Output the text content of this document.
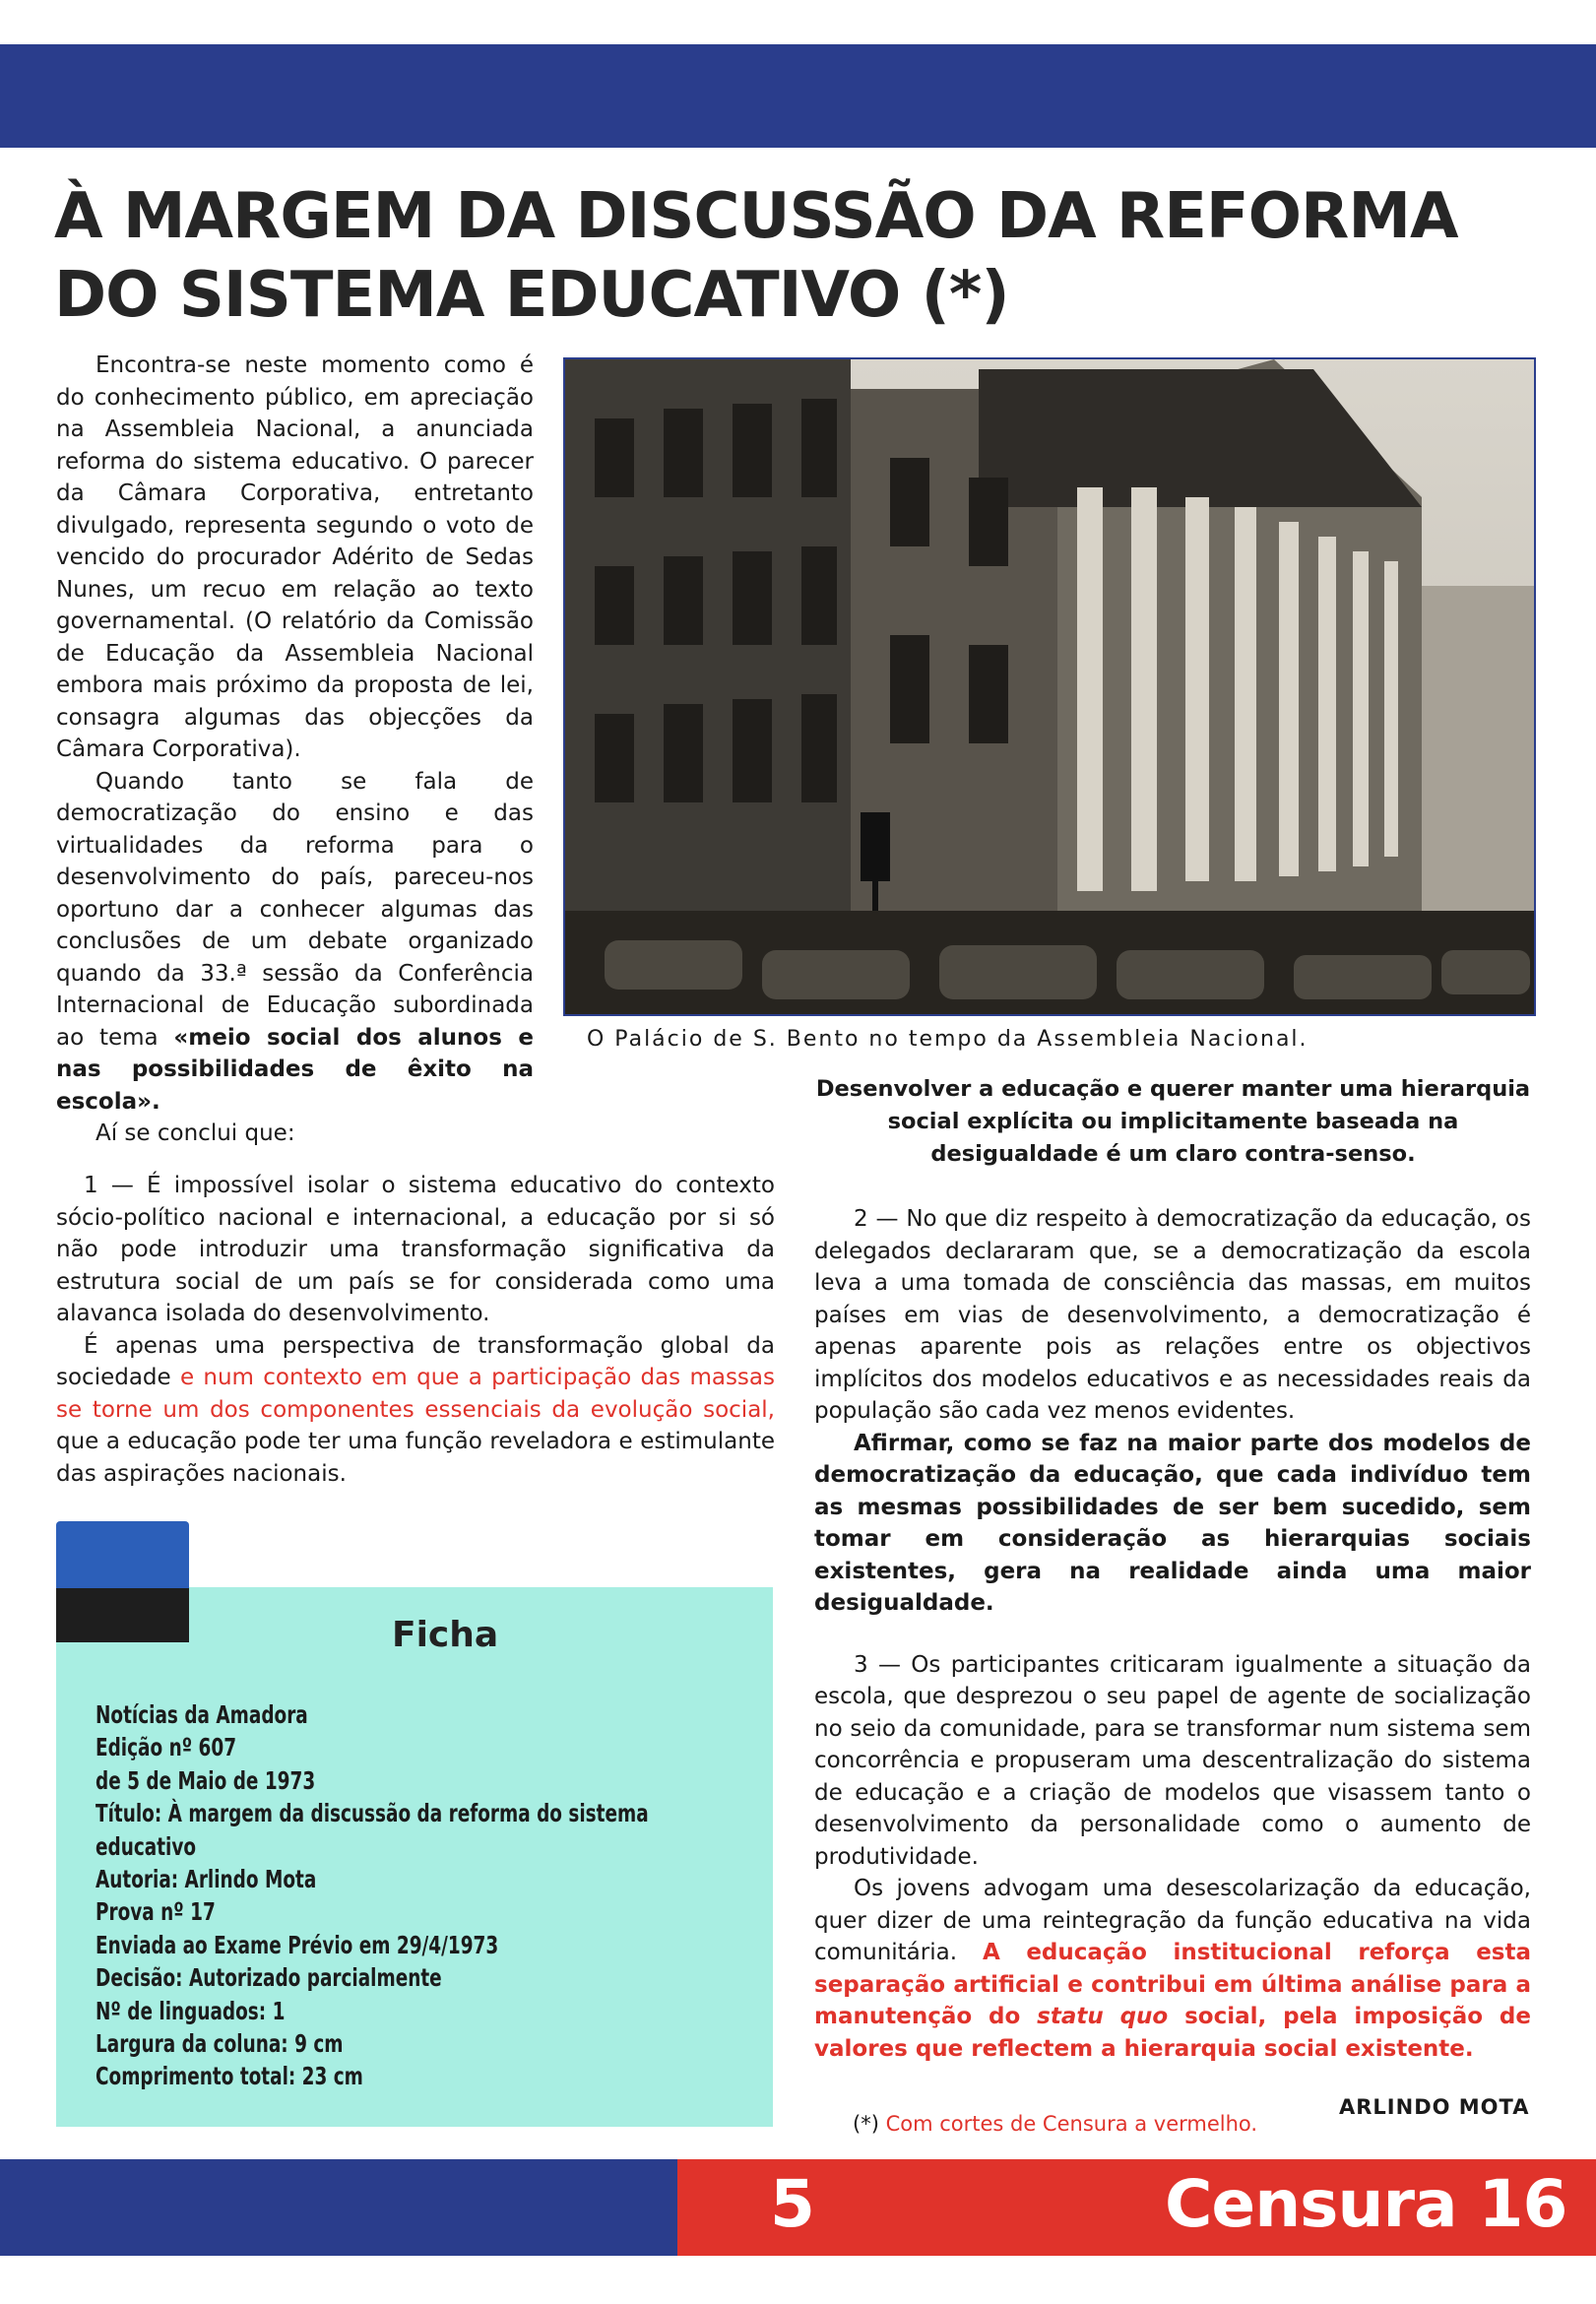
À MARGEM DA DISCUSSÃO DA REFORMA
DO SISTEMA EDUCATIVO (*)

Encontra-se neste momento como é do conhecimento público, em apreciação na Assembleia Nacional, a anunciada reforma do sistema educativo. O parecer da Câmara Corporativa, entretanto divulgado, representa segundo o voto de vencido do procurador Adérito de Sedas Nunes, um recuo em relação ao texto governamental. (O relatório da Comissão de Educação da Assembleia Nacional embora mais próximo da proposta de lei, consagra algumas das objecções da Câmara Corporativa).

Quando tanto se fala de democratização do ensino e das virtualidades da reforma para o desenvolvimento do país, pareceu-nos oportuno dar a conhecer algumas das conclusões de um debate organizado quando da 33.ª sessão da Conferência Internacional de Educação subordinada ao tema «meio social dos alunos e nas possibilidades de êxito na escola».

Aí se conclui que:

O Palácio de S. Bento no tempo da Assembleia Nacional.
Desenvolver a educação e querer manter uma hierarquia social explícita ou implicitamente baseada na desigualdade é um claro contra-senso.

1 — É impossível isolar o sistema educativo do contexto sócio-político nacional e internacional, a educação por si só não pode introduzir uma transformação significativa da estrutura social de um país se for considerada como uma alavanca isolada do desenvolvimento.

É apenas uma perspectiva de transformação global da sociedade e num contexto em que a participação das massas se torne um dos componentes essenciais da evolução social, que a educação pode ter uma função reveladora e estimulante das aspirações nacionais.

2 — No que diz respeito à democratização da educação, os delegados declararam que, se a democratização da escola leva a uma tomada de consciência das massas, em muitos países em vias de desenvolvimento, a democratização é apenas aparente pois as relações entre os objectivos implícitos dos modelos educativos e as necessidades reais da população são cada vez menos evidentes.

Afirmar, como se faz na maior parte dos modelos de democratização da educação, que cada indivíduo tem as mesmas possibilidades de ser bem sucedido, sem tomar em consideração as hierarquias sociais existentes, gera na realidade ainda uma maior desigualdade.

3 — Os participantes criticaram igualmente a situação da escola, que desprezou o seu papel de agente de socialização no seio da comunidade, para se transformar num sistema sem concorrência e propuseram uma descentralização do sistema de educação e a criação de modelos que visassem tanto o desenvolvimento da personalidade como o aumento de produtividade.

Os jovens advogam uma desescolarização da educação, quer dizer de uma reintegração da função educativa na vida comunitária. A educação institucional reforça esta separação artificial e contribui em última análise para a manutenção do statu quo social, pela imposição de valores que reflectem a hierarquia social existente.

Ficha
Notícias da Amadora
Edição nº 607
de 5 de Maio de 1973
Título: À margem da discussão da reforma do sistema
educativo
Autoria: Arlindo Mota
Prova nº 17
Enviada ao Exame Prévio em 29/4/1973
Decisão: Autorizado parcialmente
Nº de linguados: 1
Largura da coluna: 9 cm
Comprimento total: 23 cm
ARLINDO MOTA
(*) Com cortes de Censura a vermelho.
5	Censura 16
